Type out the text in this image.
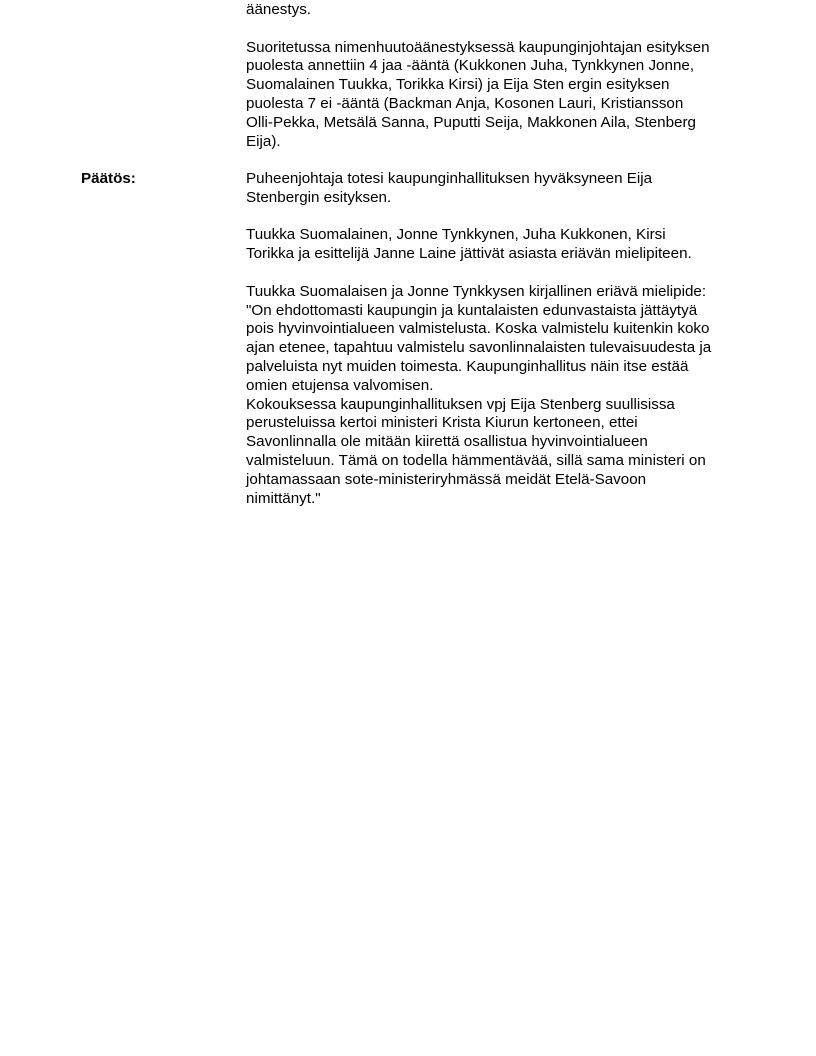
äänestys.

Suoritetussa nimenhuutoäänestyksessä kaupunginjohtajan esityksen
puolesta annettiin 4 jaa -ääntä (Kukkonen Juha, Tynkkynen Jonne,
Suomalainen Tuukka, Torikka Kirsi) ja Eija Sten ergin esityksen
puolesta 7 ei -ääntä (Backman Anja, Kosonen Lauri, Kristiansson
Olli-Pekka, Metsälä Sanna, Puputti Seija, Makkonen Aila, Stenberg
Eija).

Päätös:	Puheenjohtaja totesi kaupunginhallituksen hyväksyneen Eija
Stenbergin esityksen.

Tuukka Suomalainen, Jonne Tynkkynen, Juha Kukkonen, Kirsi
Torikka ja esittelijä Janne Laine jättivät asiasta eriävän mielipiteen.

Tuukka Suomalaisen ja Jonne Tynkkysen kirjallinen eriävä mielipide:
"On ehdottomasti kaupungin ja kuntalaisten edunvastaista jättäytyä
pois hyvinvointialueen valmistelusta. Koska valmistelu kuitenkin koko
ajan etenee, tapahtuu valmistelu savonlinnalaisten tulevaisuudesta ja
palveluista nyt muiden toimesta. Kaupunginhallitus näin itse estää
omien etujensa valvomisen.
Kokouksessa kaupunginhallituksen vpj Eija Stenberg suullisissa
perusteluissa kertoi ministeri Krista Kiurun kertoneen, ettei
Savonlinnalla ole mitään kiirettä osallistua hyvinvointialueen
valmisteluun. Tämä on todella hämmentävää, sillä sama ministeri on
johtamassaan sote-ministeriryhmässä meidät Etelä-Savoon
nimittänyt."
